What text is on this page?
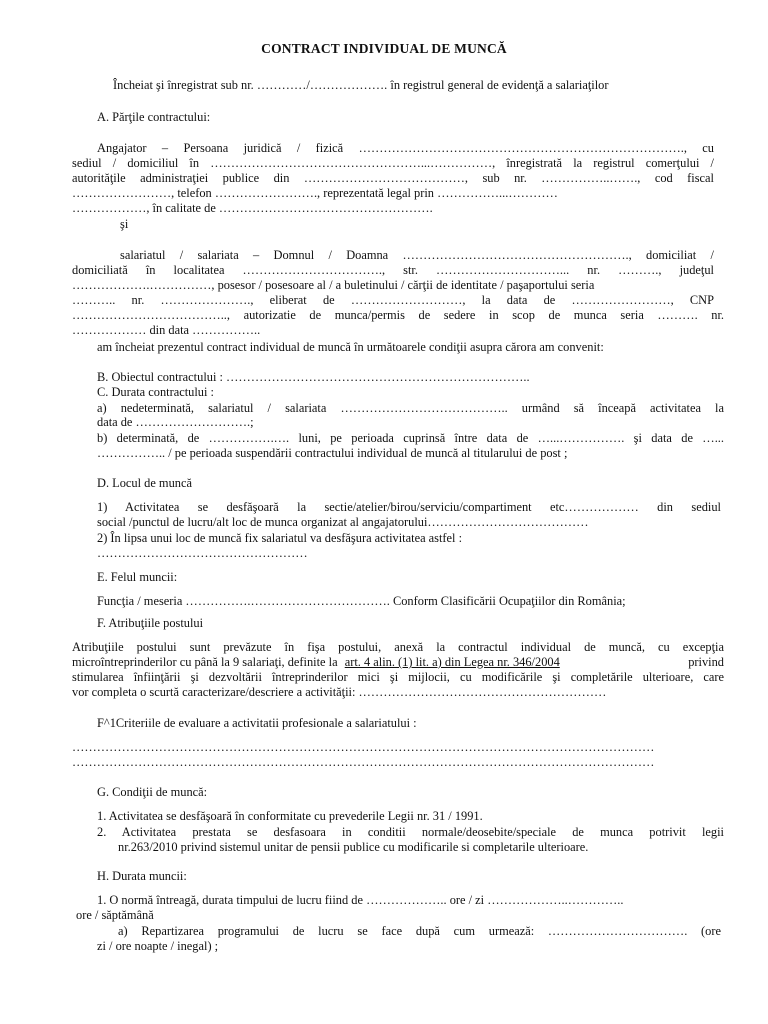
CONTRACT INDIVIDUAL DE MUNCĂ
Încheiat şi înregistrat sub nr. …………/………………. în registrul general de evidenţă a salariaţilor
A. Părţile contractului:
Angajator – Persoana juridică / fizică ……………………………………………………………………., cu
sediul / domiciliul în ……………………………………………...……………, înregistrată la registrul comerţului /
autorităţile administraţiei publice din …………………………………, sub nr. ……………..……., cod fiscal
……………………, telefon ……………………., reprezentată legal prin ……………...…………
………………, în calitate de …………………………………………….
şi
salariatul / salariata – Domnul / Doamna ………………………………………………., domiciliat /
domiciliată în localitatea ……………………………., str. …………………………... nr. ………., judeţul
……………….……………, posesor / posesoare al / a buletinului / cărţii de identitate / paşaportului seria
……….. nr. …………………., eliberat de ………………………, la data de ……………………, CNP
……………………………….., autorizatie de munca/permis de sedere in scop de munca seria ………. nr.
……………… din data ……………..
am încheiat prezentul contract individual de muncă în următoarele condiţii asupra cărora am convenit:
B. Obiectul contractului : ………………………………………………………………..
C. Durata contractului :
a) nedeterminată, salariatul / salariata ………………………………….. urmând să înceapă activitatea la
data de ……………………….;
b) determinată, de …………….…. luni, pe perioada cuprinsă între data de …...……………. şi data de …...
…………….. / pe perioada suspendării contractului individual de muncă al titularului de post ;
D. Locul de muncă
1) Activitatea se desfăşoară la sectie/atelier/birou/serviciu/compartiment etc……………… din sediul
social /punctul de lucru/alt loc de munca organizat al angajatorului…………………………………
2) În lipsa unui loc de muncă fix salariatul va desfăşura activitatea astfel :
……………………………………………
E. Felul muncii:
Funcţia / meseria …………….……………………………. Conform Clasificării Ocupaţiilor din România;
F. Atribuţiile postului
Atribuţiile postului sunt prevăzute în fişa postului, anexă la contractul individual de muncă, cu excepţia
microîntreprinderilor cu până la 9 salariaţi, definite la art. 4 alin. (1) lit. a) din Legea nr. 346/2004	privind
stimularea înfiinţării şi dezvoltării întreprinderilor mici şi mijlocii, cu modificările şi completările ulterioare, care
vor completa o scurtă caracterizare/descriere a activităţii: ……………………………………………………
F^1Criteriile de evaluare a activitatii profesionale a salariatului :
……………………………………………………………………………………………………………………………
……………………………………………………………………………………………………………………………
G. Condiţii de muncă:
1. Activitatea se desfăşoară în conformitate cu prevederile Legii nr. 31 / 1991.
2. Activitatea prestata se desfasoara in conditii normale/deosebite/speciale de munca potrivit legii
nr.263/2010 privind sistemul unitar de pensii publice cu modificarile si completarile ulterioare.
H. Durata muncii:
1. O normă întreagă, durata timpului de lucru fiind de ……………….. ore / zi ………………..…………..
ore / săptămână
a) Repartizarea programului de lucru se face după cum urmează: ……………………………. (ore
zi / ore noapte / inegal) ;
